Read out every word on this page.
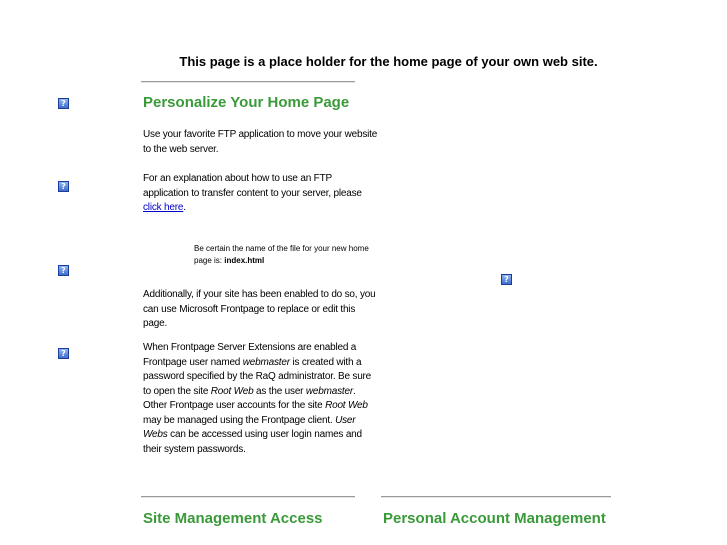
This page is a place holder for the home page of your own web site.
?
?
?
?
?
Personalize Your Home Page
Use your favorite FTP application to move your website to the web server.
For an explanation about how to use an FTP application to transfer content to your server, please click here.
Be certain the name of the file for your new home page is: index.html
Additionally, if your site has been enabled to do so, you can use Microsoft Frontpage to replace or edit this page.
When Frontpage Server Extensions are enabled a Frontpage user named webmaster is created with a password specified by the RaQ administrator. Be sure to open the site Root Web as the user webmaster. Other Frontpage user accounts for the site Root Web may be managed using the Frontpage client. User Webs can be accessed using user login names and their system passwords.
Site Management Access	Personal Account Management
